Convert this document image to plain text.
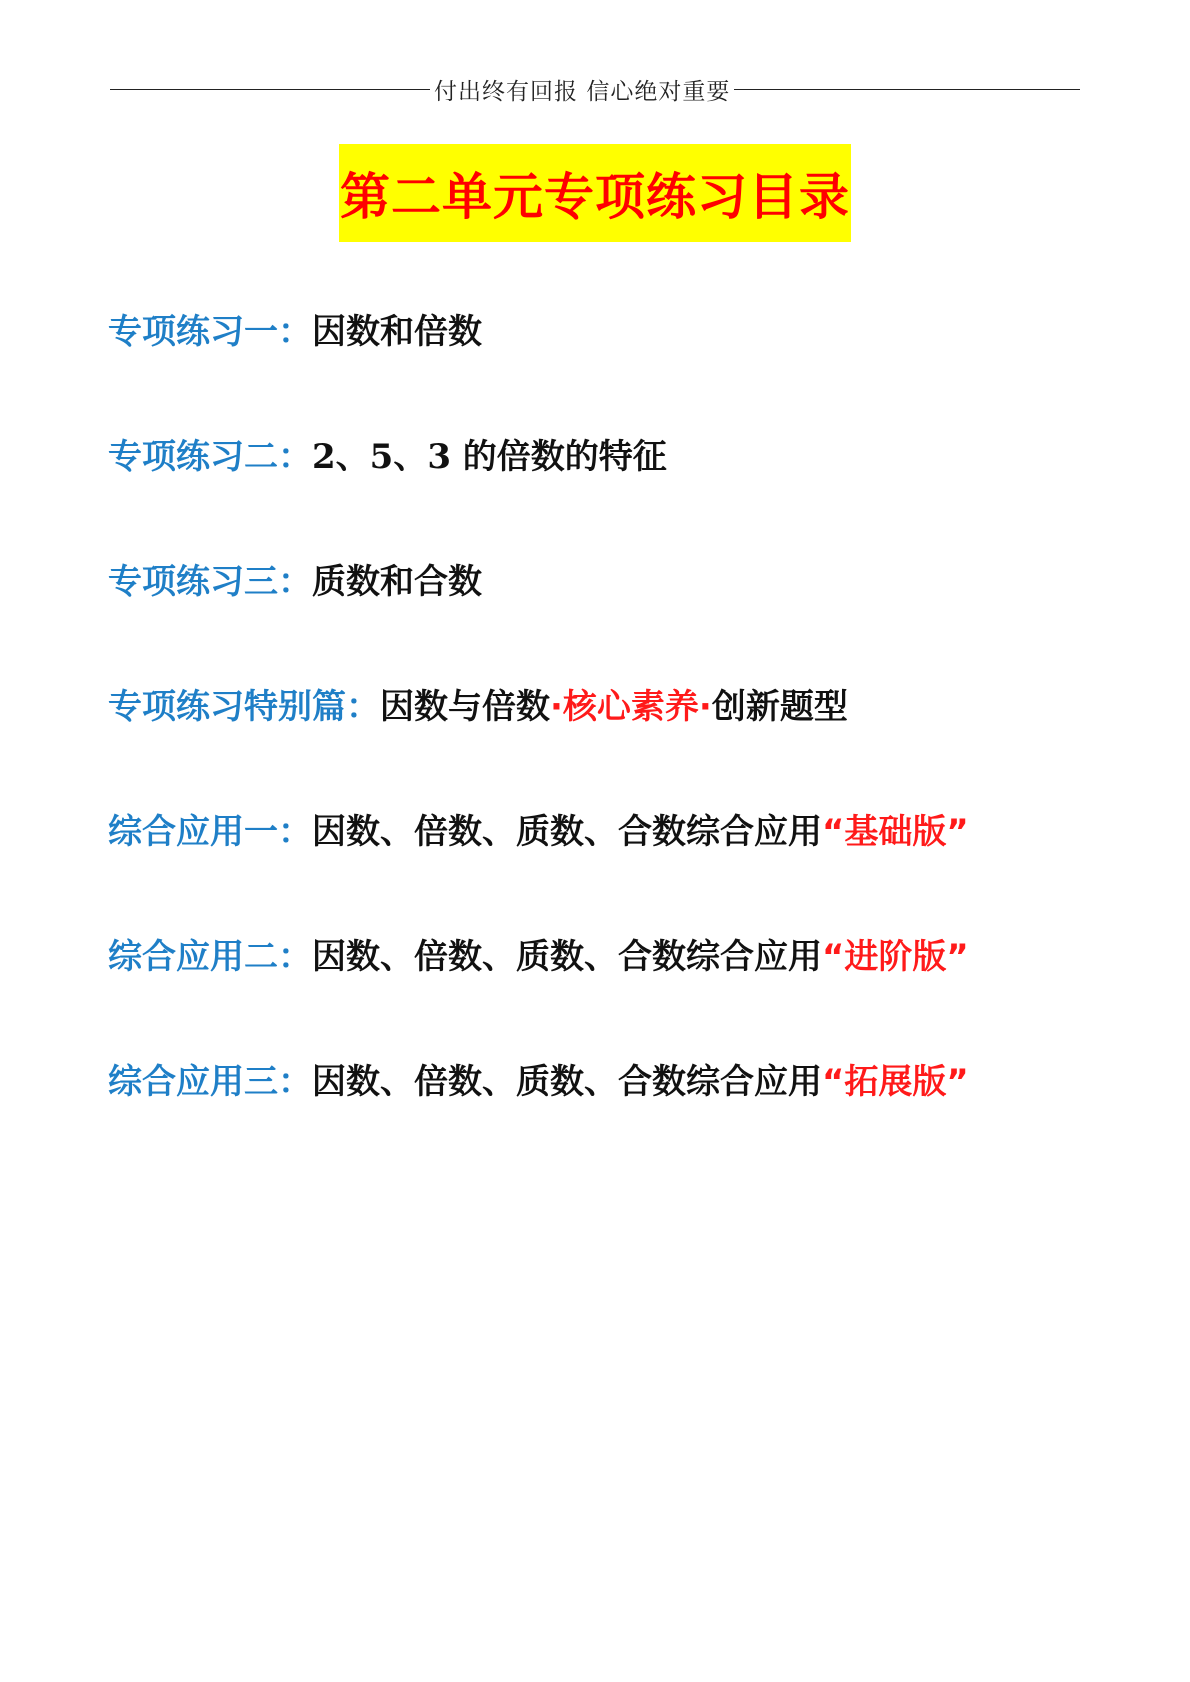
付出终有回报 信心绝对重要
第二单元专项练习目录
专项练习一： 因数和倍数
专项练习二： 2、5、3 的倍数的特征
专项练习三： 质数和合数
专项练习特别篇： 因数与倍数 ·核心素养· 创新题型
综合应用一： 因数、倍数、质数、合数综合应用 “基础版”
综合应用二： 因数、倍数、质数、合数综合应用 “进阶版”
综合应用三： 因数、倍数、质数、合数综合应用 “拓展版”
